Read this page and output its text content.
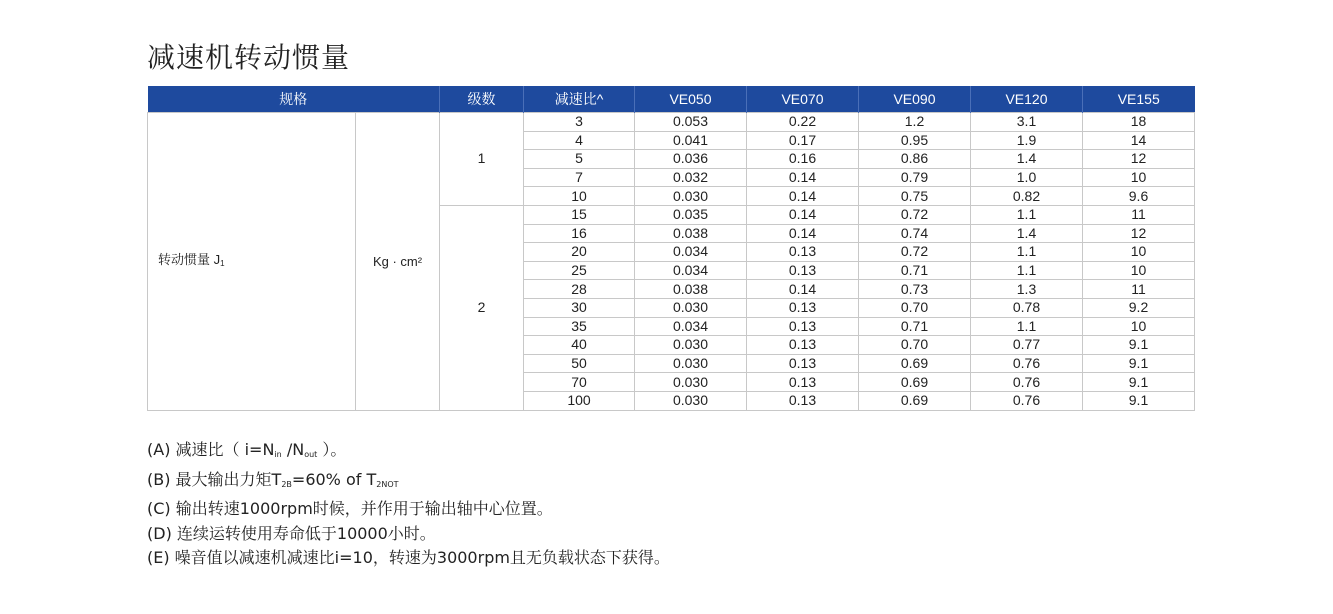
减速机转动惯量
规格		级数	减速比^	VE050	VE070	VE090	VE120	VE155
转动惯量 $J_1$	Kg · cm²	1	3	0.053	0.22	1.2	3.1	18
			4	0.041	0.17	0.95	1.9	14
			5	0.036	0.16	0.86	1.4	12
			7	0.032	0.14	0.79	1.0	10
			10	0.030	0.14	0.75	0.82	9.6
		2	15	0.035	0.14	0.72	1.1	11
			16	0.038	0.14	0.74	1.4	12
			20	0.034	0.13	0.72	1.1	10
			25	0.034	0.13	0.71	1.1	10
			28	0.038	0.14	0.73	1.3	11
			30	0.030	0.13	0.70	0.78	9.2
			35	0.034	0.13	0.71	1.1	10
			40	0.030	0.13	0.70	0.77	9.1
			50	0.030	0.13	0.69	0.76	9.1
			70	0.030	0.13	0.69	0.76	9.1
			100	0.030	0.13	0.69	0.76	9.1
(A) 减速比（ $i=N_{in}$ $/N_{out}$ ）。
(B) 最大输出力矩$T_{2B}=60\%$ of $T_{2NOT}$
(C) 输出转速1000rpm时候，并作用于输出轴中心位置。
(D) 连续运转使用寿命低于10000小时。
(E) 噪音值以减速机减速比i=10，转速为3000rpm且无负载状态下获得。
